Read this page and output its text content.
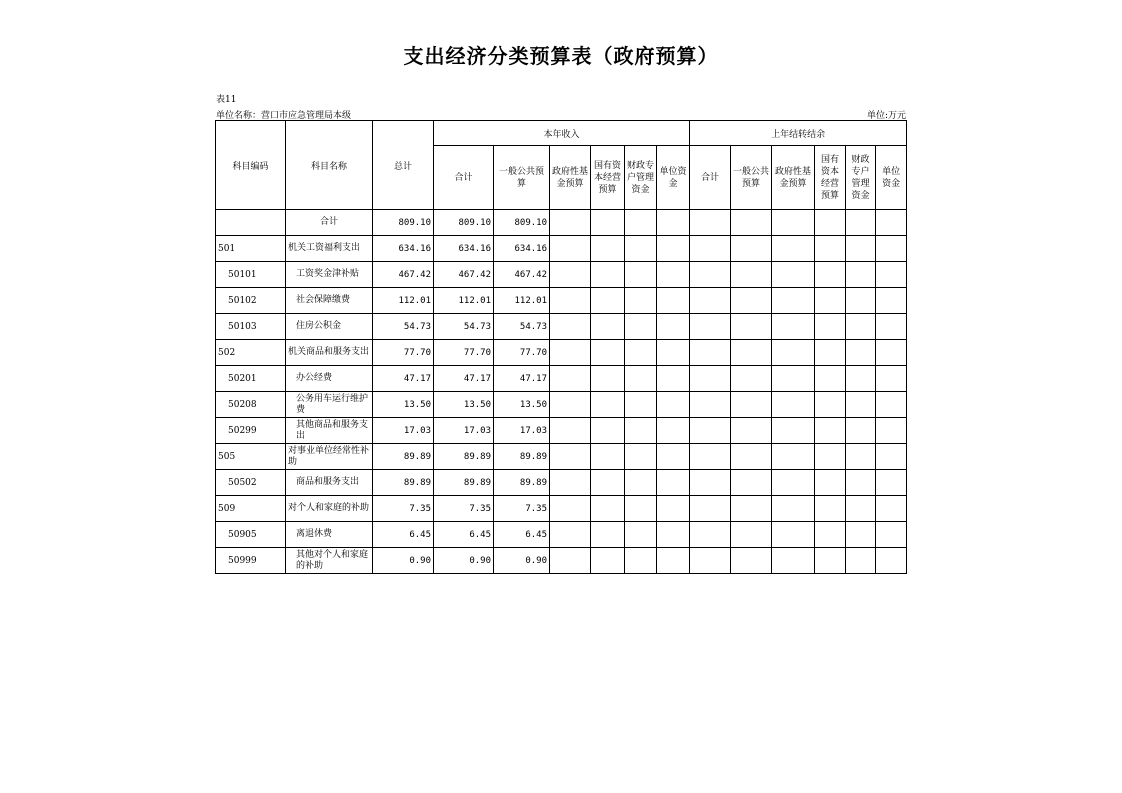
支出经济分类预算表（政府预算）
表11
单位名称：营口市应急管理局本级	单位:万元
科目编码	科目名称	总计	本年收入						上年结转结余					
			合计	一般公共预算	政府性基金预算	国有资本经营预算	财政专户管理资金	单位资金	合计	一般公共预算	政府性基金预算	国有资本经营预算	财政专户管理资金	单位资金
	合计	809.10	809.10	809.10										
501	机关工资福利支出	634.16	634.16	634.16										
50101	工资奖金津补贴	467.42	467.42	467.42										
50102	社会保障缴费	112.01	112.01	112.01										
50103	住房公积金	54.73	54.73	54.73										
502	机关商品和服务支出	77.70	77.70	77.70										
50201	办公经费	47.17	47.17	47.17										
50208	公务用车运行维护费	13.50	13.50	13.50										
50299	其他商品和服务支出	17.03	17.03	17.03										
505	对事业单位经常性补助	89.89	89.89	89.89										
50502	商品和服务支出	89.89	89.89	89.89										
509	对个人和家庭的补助	7.35	7.35	7.35										
50905	离退休费	6.45	6.45	6.45										
50999	其他对个人和家庭的补助	0.90	0.90	0.90										
